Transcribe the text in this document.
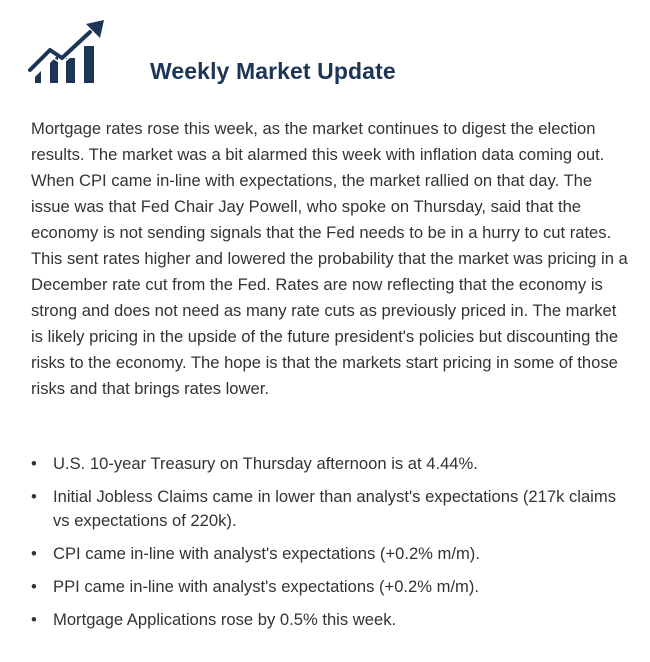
Weekly Market Update

Mortgage rates rose this week, as the market continues to digest the election results. The market was a bit alarmed this week with inflation data coming out. When CPI came in-line with expectations, the market rallied on that day. The issue was that Fed Chair Jay Powell, who spoke on Thursday, said that the economy is not sending signals that the Fed needs to be in a hurry to cut rates. This sent rates higher and lowered the probability that the market was pricing in a December rate cut from the Fed. Rates are now reflecting that the economy is strong and does not need as many rate cuts as previously priced in. The market is likely pricing in the upside of the future president's policies but discounting the risks to the economy. The hope is that the markets start pricing in some of those risks and that brings rates lower.

• U.S. 10-year Treasury on Thursday afternoon is at 4.44%.
• Initial Jobless Claims came in lower than analyst's expectations (217k claims vs expectations of 220k).
• CPI came in-line with analyst's expectations (+0.2% m/m).
• PPI came in-line with analyst's expectations (+0.2% m/m).
• Mortgage Applications rose by 0.5% this week.
